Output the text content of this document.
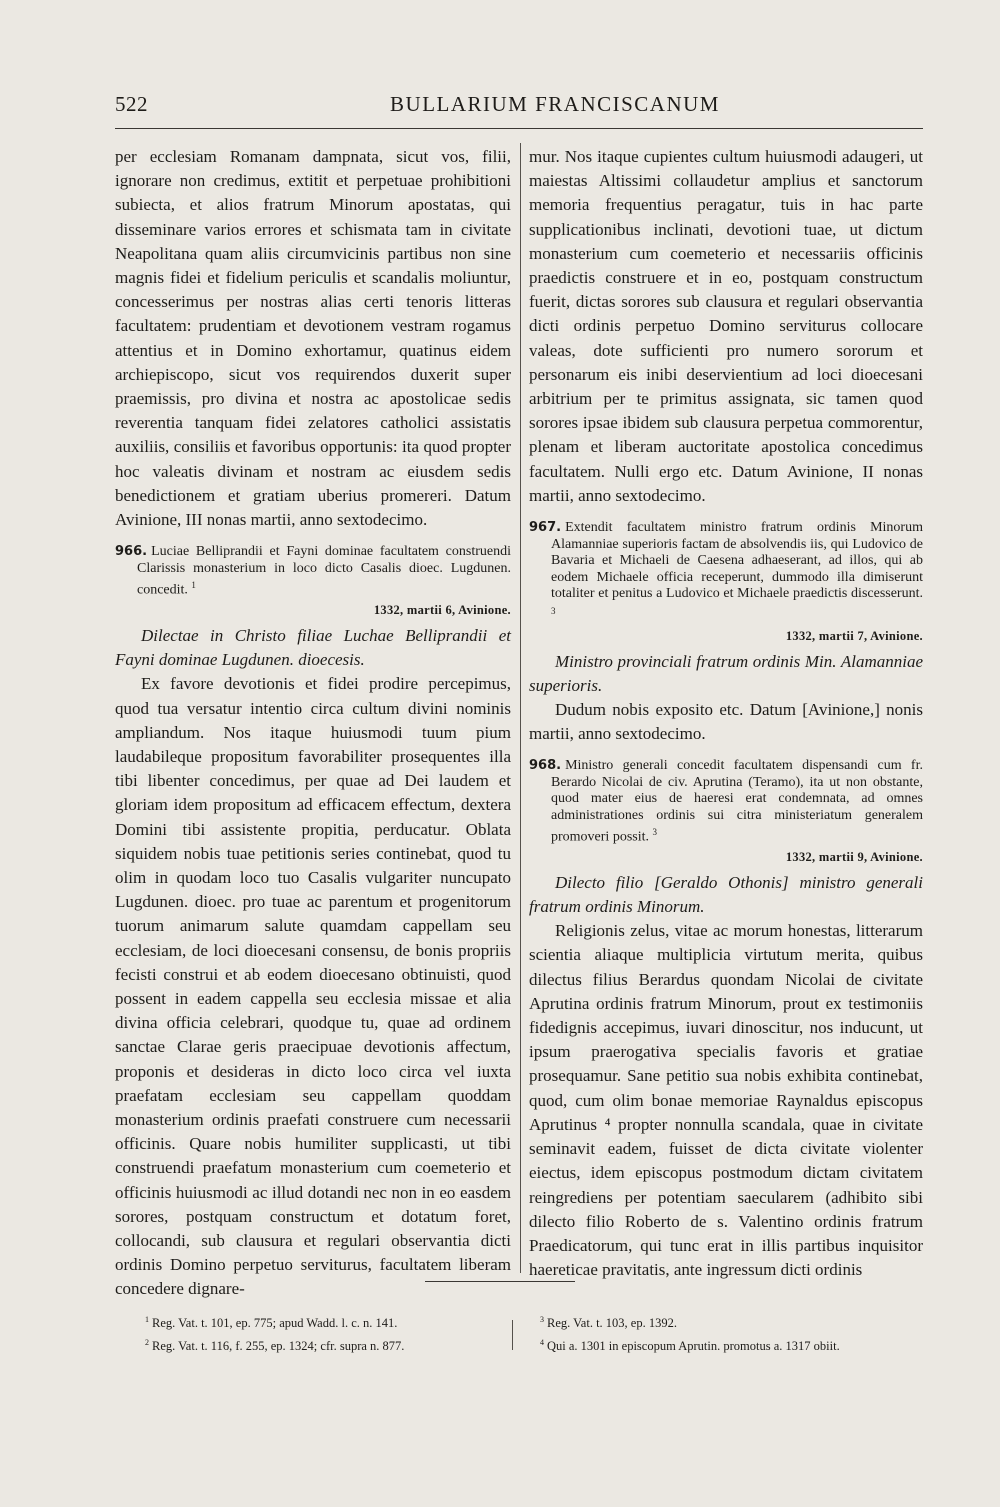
522	BULLARIUM FRANCISCANUM

per ecclesiam Romanam dampnata, sicut vos, filii, ignorare non credimus, extitit et perpetuae prohibitioni subiecta, et alios fratrum Minorum apostatas, qui disseminare varios errores et schismata tam in civitate Neapolitana quam aliis circumvicinis partibus non sine magnis fidei et fidelium periculis et scandalis moliuntur, concesserimus per nostras alias certi tenoris litteras facultatem: prudentiam et devotionem vestram rogamus attentius et in Domino exhortamur, quatinus eidem archiepiscopo, sicut vos requirendos duxerit super praemissis, pro divina et nostra ac apostolicae sedis reverentia tanquam fidei zelatores catholici assistatis auxiliis, consiliis et favoribus opportunis: ita quod propter hoc valeatis divinam et nostram ac eiusdem sedis benedictionem et gratiam uberius promereri. Datum Avinione, III nonas martii, anno sextodecimo.

966. Luciae Belliprandii et Fayni dominae facultatem construendi Clarissis monasterium in loco dicto Casalis dioec. Lugdunen. concedit. $^1$

1332, martii 6, Avinione.

Dilectae in Christo filiae Luchae Belliprandii et Fayni dominae Lugdunen. dioecesis.

Ex favore devotionis et fidei prodire percepimus, quod tua versatur intentio circa cultum divini nominis ampliandum. Nos itaque huiusmodi tuum pium laudabileque propositum favorabiliter prosequentes illa tibi libenter concedimus, per quae ad Dei laudem et gloriam idem propositum ad efficacem effectum, dextera Domini tibi assistente propitia, perducatur. Oblata siquidem nobis tuae petitionis series continebat, quod tu olim in quodam loco tuo Casalis vulgariter nuncupato Lugdunen. dioec. pro tuae ac parentum et progenitorum tuorum animarum salute quamdam cappellam seu ecclesiam, de loci dioecesani consensu, de bonis propriis fecisti construi et ab eodem dioecesano obtinuisti, quod possent in eadem cappella seu ecclesia missae et alia divina officia celebrari, quodque tu, quae ad ordinem sanctae Clarae geris praecipuae devotionis affectum, proponis et desideras in dicto loco circa vel iuxta praefatam ecclesiam seu cappellam quoddam monasterium ordinis praefati construere cum necessarii officinis. Quare nobis humiliter supplicasti, ut tibi construendi praefatum monasterium cum coemeterio et officinis huiusmodi ac illud dotandi nec non in eo easdem sorores, postquam constructum et dotatum foret, collocandi, sub clausura et regulari observantia dicti ordinis Domino perpetuo serviturus, facultatem liberam concedere dignare-

mur. Nos itaque cupientes cultum huiusmodi adaugeri, ut maiestas Altissimi collaudetur amplius et sanctorum memoria frequentius peragatur, tuis in hac parte supplicationibus inclinati, devotioni tuae, ut dictum monasterium cum coemeterio et necessariis officinis praedictis construere et in eo, postquam constructum fuerit, dictas sorores sub clausura et regulari observantia dicti ordinis perpetuo Domino serviturus collocare valeas, dote sufficienti pro numero sororum et personarum eis inibi deservientium ad loci dioecesani arbitrium per te primitus assignata, sic tamen quod sorores ipsae ibidem sub clausura perpetua commorentur, plenam et liberam auctoritate apostolica concedimus facultatem. Nulli ergo etc. Datum Avinione, II nonas martii, anno sextodecimo.

967. Extendit facultatem ministro fratrum ordinis Minorum Alamanniae superioris factam de absolvendis iis, qui Ludovico de Bavaria et Michaeli de Caesena adhaeserant, ad illos, qui ab eodem Michaele officia receperunt, dummodo illa dimiserunt totaliter et penitus a Ludovico et Michaele praedictis discesserunt. $^3$

1332, martii 7, Avinione.

Ministro provinciali fratrum ordinis Min. Alamanniae superioris.

Dudum nobis exposito etc. Datum [Avinione,] nonis martii, anno sextodecimo.

968. Ministro generali concedit facultatem dispensandi cum fr. Berardo Nicolai de civ. Aprutina (Teramo), ita ut non obstante, quod mater eius de haeresi erat condemnata, ad omnes administrationes ordinis sui citra ministeriatum generalem promoveri possit. $^3$

1332, martii 9, Avinione.

Dilecto filio [Geraldo Othonis] ministro generali fratrum ordinis Minorum.

Religionis zelus, vitae ac morum honestas, litterarum scientia aliaque multiplicia virtutum merita, quibus dilectus filius Berardus quondam Nicolai de civitate Aprutina ordinis fratrum Minorum, prout ex testimoniis fidedignis accepimus, iuvari dinoscitur, nos inducunt, ut ipsum praerogativa specialis favoris et gratiae prosequamur. Sane petitio sua nobis exhibita continebat, quod, cum olim bonae memoriae Raynaldus episcopus Aprutinus ⁴ propter nonnulla scandala, quae in civitate seminavit eadem, fuisset de dicta civitate violenter eiectus, idem episcopus postmodum dictam civitatem reingrediens per potentiam saecularem (adhibito sibi dilecto filio Roberto de s. Valentino ordinis fratrum Praedicatorum, qui tunc erat in illis partibus inquisitor haereticae pravitatis, ante ingressum dicti ordinis

$^1$ Reg. Vat. t. 101, ep. 775; apud Wadd. l. c. n. 141.

$^2$ Reg. Vat. t. 116, f. 255, ep. 1324; cfr. supra n. 877.

$^3$ Reg. Vat. t. 103, ep. 1392.

$^4$ Qui a. 1301 in episcopum Aprutin. promotus a. 1317 obiit.
